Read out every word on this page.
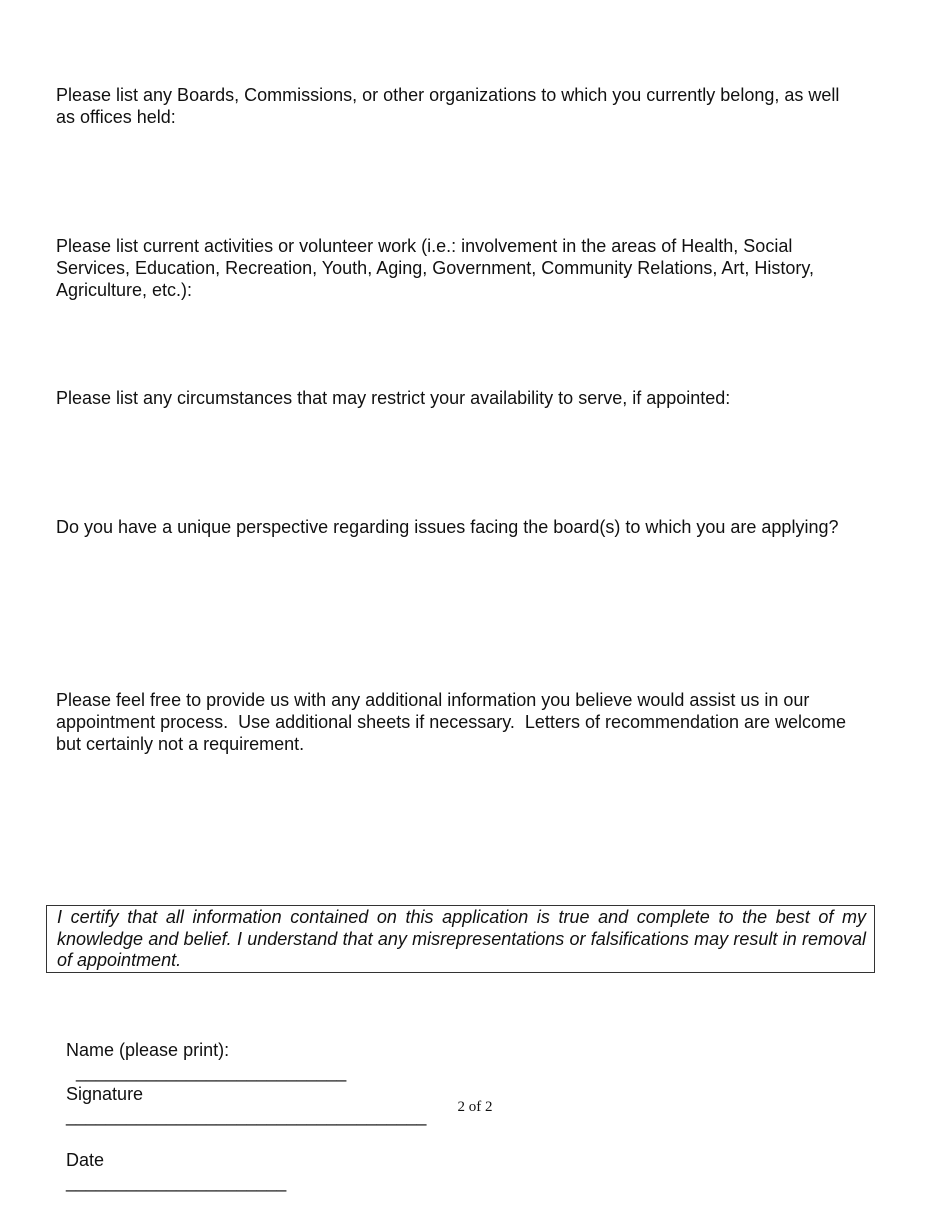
Please list any Boards, Commissions, or other organizations to which you currently belong, as well as offices held:

Please list current activities or volunteer work (i.e.: involvement in the areas of Health, Social Services, Education, Recreation, Youth, Aging, Government, Community Relations, Art, History, Agriculture, etc.):

Please list any circumstances that may restrict your availability to serve, if appointed:

Do you have a unique perspective regarding issues facing the board(s) to which you are applying?

Please feel free to provide us with any additional information you believe would assist us in our appointment process.  Use additional sheets if necessary.  Letters of recommendation are welcome but certainly not a requirement.

I certify that all information contained on this application is true and complete to the best of my knowledge and belief. I understand that any misrepresentations or falsifications may result in removal of appointment.

Name (please print):
___________________________

Signature
____________________________________

Date
______________________

2 of 2
